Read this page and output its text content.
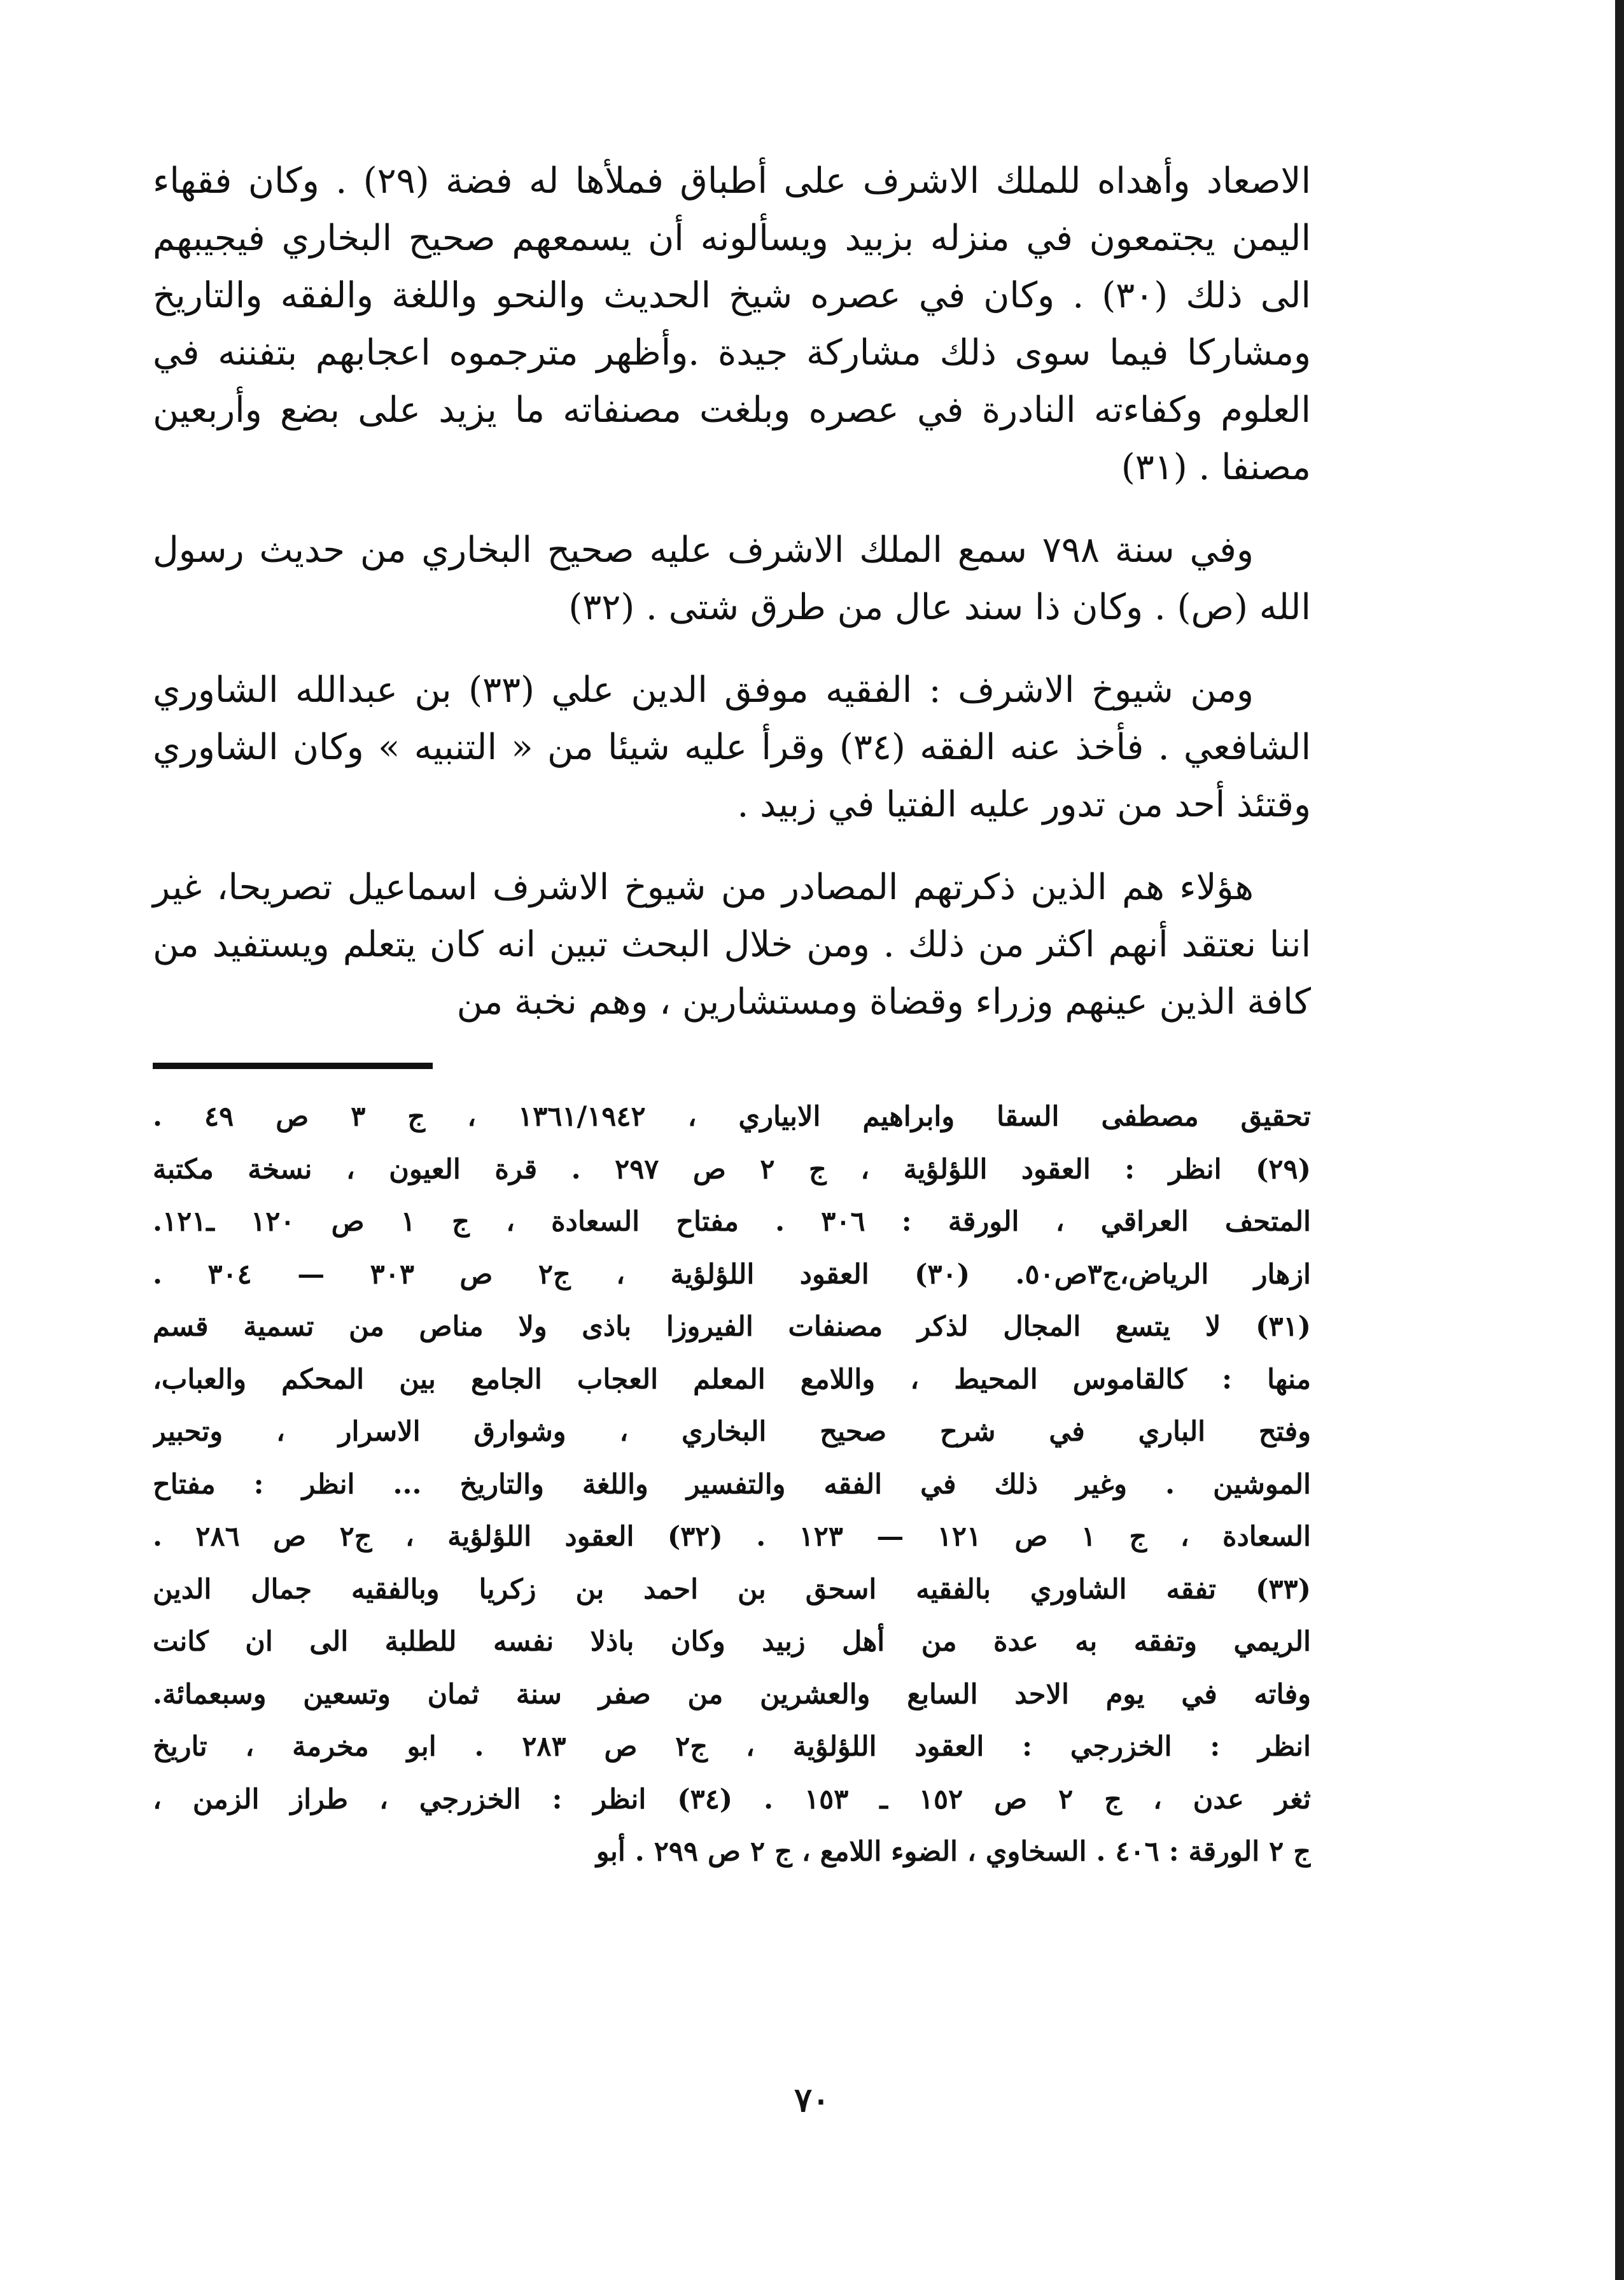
الاصعاد وأهداه للملك الاشرف على أطباق فملأها له فضة (٢٩) . وكان فقهاء اليمن يجتمعون في منزله بزبيد ويسألونه أن يسمعهم صحيح البخاري فيجيبهم الى ذلك (٣٠) . وكان في عصره شيخ الحديث والنحو واللغة والفقه والتاريخ ومشاركا فيما سوى ذلك مشاركة جيدة .وأظهر مترجموه اعجابهم بتفننه في العلوم وكفاءته النادرة في عصره وبلغت مصنفاته ما يزيد على بضع وأربعين مصنفا . (٣١)

وفي سنة ٧٩٨ سمع الملك الاشرف عليه صحيح البخاري من حديث رسول الله (ص) . وكان ذا سند عال من طرق شتى . (٣٢)

ومن شيوخ الاشرف : الفقيه موفق الدين علي (٣٣) بن عبدالله الشاوري الشافعي . فأخذ عنه الفقه (٣٤) وقرأ عليه شيئا من « التنبيه » وكان الشاوري وقتئذ أحد من تدور عليه الفتيا في زبيد .

هؤلاء هم الذين ذكرتهم المصادر من شيوخ الاشرف اسماعيل تصريحا، غير اننا نعتقد أنهم اكثر من ذلك . ومن خلال البحث تبين انه كان يتعلم ويستفيد من كافة الذين عينهم وزراء وقضاة ومستشارين ، وهم نخبة من

تحقيق مصطفى السقا وابراهيم الابياري ، ١٣٦١/١٩٤٢ ، ج ٣ ص ٤٩ .
(٢٩) انظر : العقود اللؤلؤية ، ج ٢ ص ٢٩٧ . قرة العيون ، نسخة مكتبة
المتحف العراقي ، الورقة : ٣٠٦ . مفتاح السعادة ، ج ١ ص ١٢٠ ـ١٢١.
ازهار الرياض،ج٣ص٥٠. (٣٠) العقود اللؤلؤية ، ج٢ ص ٣٠٣ — ٣٠٤ .
(٣١) لا يتسع المجال لذكر مصنفات الفيروزا باذى ولا مناص من تسمية قسم
منها : كالقاموس المحيط ، واللامع المعلم العجاب الجامع بين المحكم والعباب،
وفتح الباري في شرح صحيح البخاري ، وشوارق الاسرار ، وتحبير
الموشين . وغير ذلك في الفقه والتفسير واللغة والتاريخ ... انظر : مفتاح
السعادة ، ج ١ ص ١٢١ — ١٢٣ . (٣٢) العقود اللؤلؤية ، ج٢ ص ٢٨٦ .
(٣٣) تفقه الشاوري بالفقيه اسحق بن احمد بن زكريا وبالفقيه جمال الدين
الريمي وتفقه به عدة من أهل زبيد وكان باذلا نفسه للطلبة الى ان كانت
وفاته في يوم الاحد السابع والعشرين من صفر سنة ثمان وتسعين وسبعمائة.
انظر : الخزرجي : العقود اللؤلؤية ، ج٢ ص ٢٨٣ . ابو مخرمة ، تاريخ
ثغر عدن ، ج ٢ ص ١٥٢ ـ ١٥٣ . (٣٤) انظر : الخزرجي ، طراز الزمن ،
ج ٢ الورقة : ٤٠٦ . السخاوي ، الضوء اللامع ، ج ٢ ص ٢٩٩ . أبو
٧٠
